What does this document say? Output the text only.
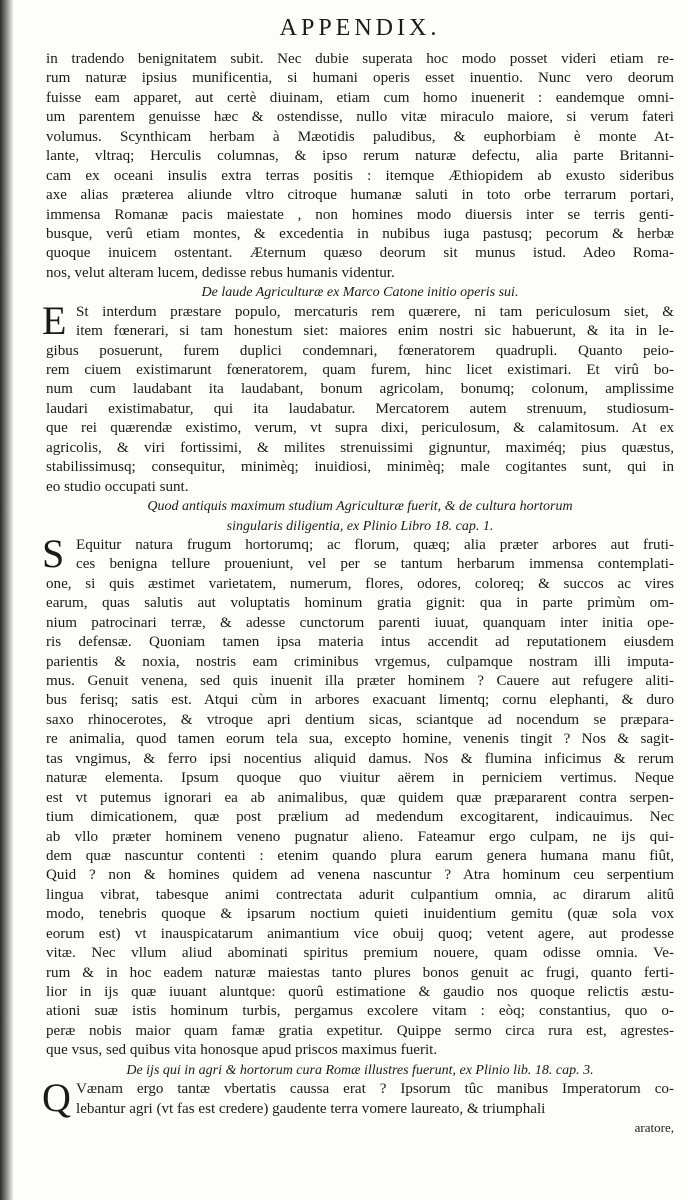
APPENDIX.
in tradendo benignitatem subit. Nec dubie superata hoc modo posset videri etiam re-
rum naturæ ipsius munificentia, si humani operis esset inuentio. Nunc vero deorum
fuisse eam apparet, aut certè diuinam, etiam cum homo inuenerit : eandemque omni-
um parentem genuisse hæc & ostendisse, nullo vitæ miraculo maiore, si verum fateri
volumus. Scynthicam herbam à Mæotidis paludibus, & euphorbiam è monte At-
lante, vltraq; Herculis columnas, & ipso rerum naturæ defectu, alia parte Britanni-
cam ex oceani insulis extra terras positis : itemque Æthiopidem ab exusto sideribus
axe alias præterea aliunde vltro citroque humanæ saluti in toto orbe terrarum portari,
immensa Romanæ pacis maiestate , non homines modo diuersis inter se terris genti-
busque, verû etiam montes, & excedentia in nubibus iuga pastusq; pecorum & herbæ
quoque inuicem ostentant. Æternum quæso deorum sit munus istud. Adeo Roma-
nos, velut alteram lucem, dedisse rebus humanis videntur.
De laude Agriculturæ ex Marco Catone initio operis sui.
E St interdum præstare populo, mercaturis rem quærere, ni tam periculosum siet, &
item fœnerari, si tam honestum siet: maiores enim nostri sic habuerunt, & ita in le-
gibus posuerunt, furem duplici condemnari, fœneratorem quadrupli. Quanto peio-
rem ciuem existimarunt fœneratorem, quam furem, hinc licet existimari. Et virû bo-
num cum laudabant ita laudabant, bonum agricolam, bonumq; colonum, amplissime
laudari existimabatur, qui ita laudabatur. Mercatorem autem strenuum, studiosum-
que rei quærendæ existimo, verum, vt supra dixi, periculosum, & calamitosum. At ex
agricolis, & viri fortissimi, & milites strenuissimi gignuntur, maximéq; pius quæstus,
stabilissimusq; consequitur, minimèq; inuidiosi, minimèq; male cogitantes sunt, qui in
eo studio occupati sunt.
Quod antiquis maximum studium Agriculturæ fuerit, & de cultura hortorum
singularis diligentia, ex Plinio Libro 18. cap. 1.
S Equitur natura frugum hortorumq; ac florum, quæq; alia præter arbores aut fruti-
ces benigna tellure proueniunt, vel per se tantum herbarum immensa contemplati-
one, si quis æstimet varietatem, numerum, flores, odores, coloreq; & succos ac vires
earum, quas salutis aut voluptatis hominum gratia gignit: qua in parte primùm om-
nium patrocinari terræ, & adesse cunctorum parenti iuuat, quanquam inter initia ope-
ris defensæ. Quoniam tamen ipsa materia intus accendit ad reputationem eiusdem
parientis & noxia, nostris eam criminibus vrgemus, culpamque nostram illi imputa-
mus. Genuit venena, sed quis inuenit illa præter hominem ? Cauere aut refugere aliti-
bus ferisq; satis est. Atqui cùm in arbores exacuant limentq; cornu elephanti, & duro
saxo rhinocerotes, & vtroque apri dentium sicas, sciantque ad nocendum se præpara-
re animalia, quod tamen eorum tela sua, excepto homine, venenis tingit ? Nos & sagit-
tas vngimus, & ferro ipsi nocentius aliquid damus. Nos & flumina inficimus & rerum
naturæ elementa. Ipsum quoque quo viuitur aërem in perniciem vertimus. Neque
est vt putemus ignorari ea ab animalibus, quæ quidem quæ præpararent contra serpen-
tium dimicationem, quæ post prælium ad medendum excogitarent, indicauimus. Nec
ab vllo præter hominem veneno pugnatur alieno. Fateamur ergo culpam, ne ijs qui-
dem quæ nascuntur contenti : etenim quando plura earum genera humana manu fiût,
Quid ? non & homines quidem ad venena nascuntur ? Atra hominum ceu serpentium
lingua vibrat, tabesque animi contrectata adurit culpantium omnia, ac dirarum alitû
modo, tenebris quoque & ipsarum noctium quieti inuidentium gemitu (quæ sola vox
eorum est) vt inauspicatarum animantium vice obuij quoq; vetent agere, aut prodesse
vitæ. Nec vllum aliud abominati spiritus premium nouere, quam odisse omnia. Ve-
rum & in hoc eadem naturæ maiestas tanto plures bonos genuit ac frugi, quanto ferti-
lior in ijs quæ iuuant aluntque: quorû estimatione & gaudio nos quoque relictis æstu-
ationi suæ istis hominum turbis, pergamus excolere vitam : eòq; constantius, quo o-
peræ nobis maior quam famæ gratia expetitur. Quippe sermo circa rura est, agrestes-
que vsus, sed quibus vita honosque apud priscos maximus fuerit.
De ijs qui in agri & hortorum cura Romæ illustres fuerunt, ex Plinio lib. 18. cap. 3.
Q Vænam ergo tantæ vbertatis caussa erat ? Ipsorum tûc manibus Imperatorum co-
lebantur agri (vt fas est credere) gaudente terra vomere laureato, & triumphali
aratore,
